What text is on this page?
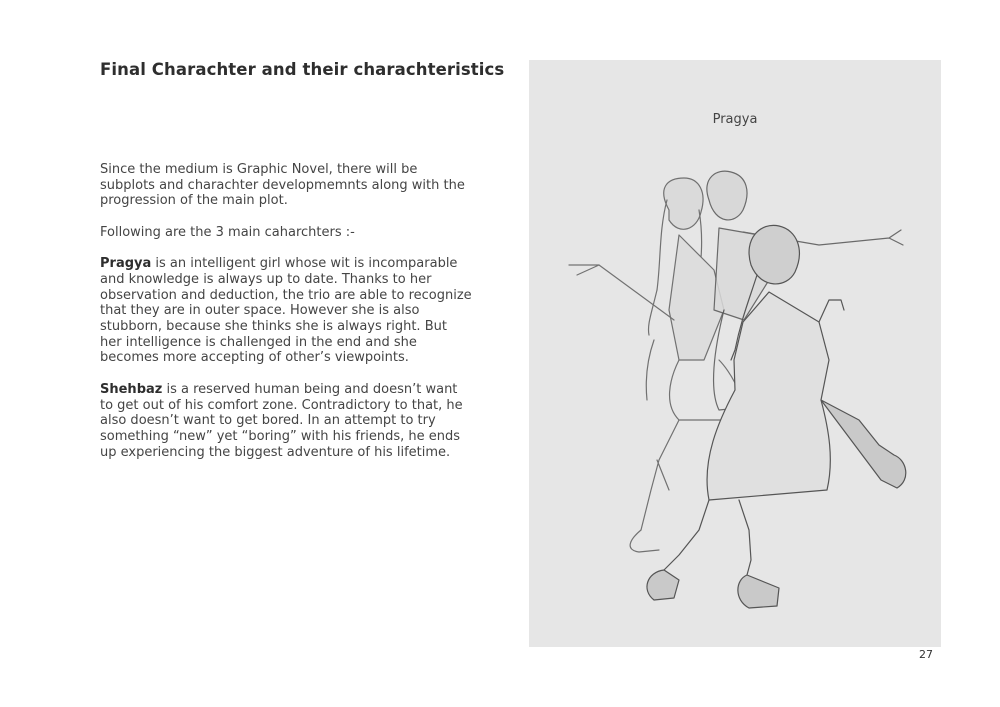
Final Charachter and their charachteristics

Since the medium is Graphic Novel, there will be subplots and charachter developmemnts along with the progression of the main plot.

Following are the 3 main caharchters :-

Pragya is an intelligent girl whose wit is incomparable and knowledge is always up to date. Thanks to her observation and deduction, the trio are able to recognize that they are in outer space. However she is also stubborn, because she thinks she is always right. But her intelligence is challenged in the end and she becomes more accepting of other’s viewpoints.

Shehbaz is a reserved human being and doesn’t want to get out of his comfort zone. Contradictory to that, he also doesn’t want to get bored. In an attempt to try something “new” yet “boring” with his friends, he ends up experiencing the biggest adventure of his lifetime.

Pragya
27
